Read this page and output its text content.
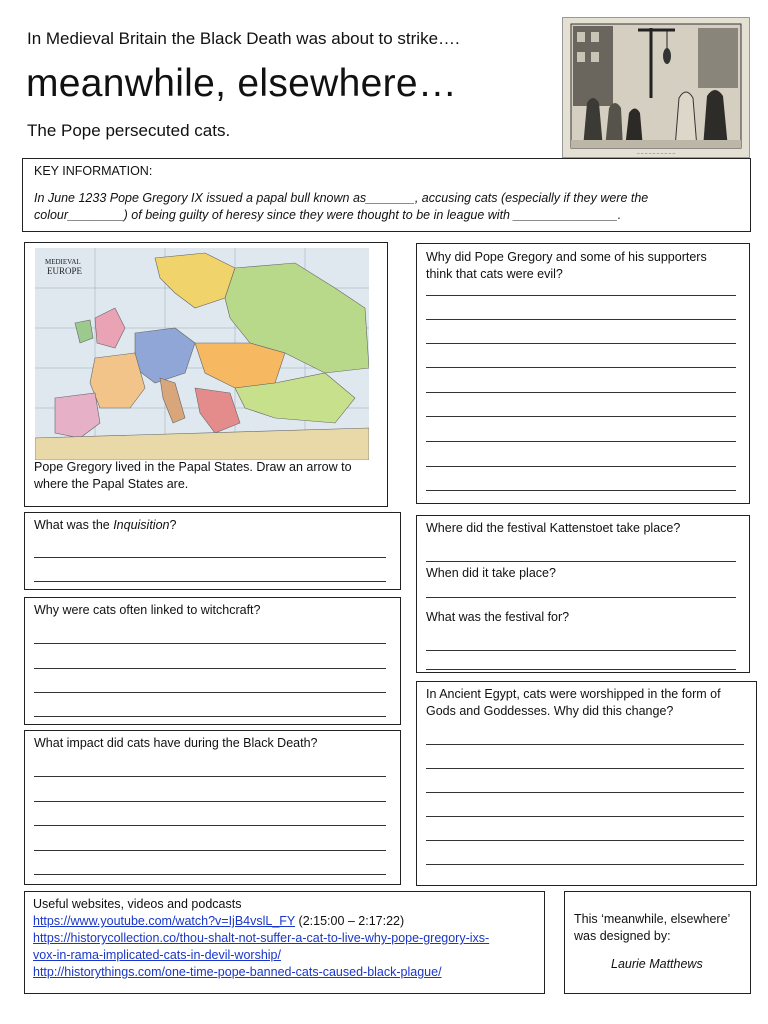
In Medieval Britain the Black Death was about to strike….
meanwhile, elsewhere…
The Pope persecuted cats.
~ ~ ~ ~ ~ ~ ~ ~ ~ ~
KEY INFORMATION:
In June 1233 Pope Gregory IX issued a papal bull known as_______, accusing cats (especially if they were the
colour________) of being guilty of heresy since they were thought to be in league with _______________.
MEDIEVAL
EUROPE
Pope Gregory lived in the Papal States. Draw an arrow to
where the Papal States are.
Why did Pope Gregory and some of his supporters
think that cats were evil?
What was the Inquisition?
Why were cats often linked to witchcraft?
What impact did cats have during the Black Death?
Where did the festival Kattenstoet take place?
When did it take place?
What was the festival for?
In Ancient Egypt, cats were worshipped in the form of
Gods and Goddesses. Why did this change?
Useful websites, videos and podcasts
https://www.youtube.com/watch?v=IjB4vslL_FY (2:15:00 – 2:17:22)
https://historycollection.co/thou-shalt-not-suffer-a-cat-to-live-why-pope-gregory-ixs-
vox-in-rama-implicated-cats-in-devil-worship/
http://historythings.com/one-time-pope-banned-cats-caused-black-plague/
This ‘meanwhile, elsewhere’
was designed by:
Laurie Matthews
